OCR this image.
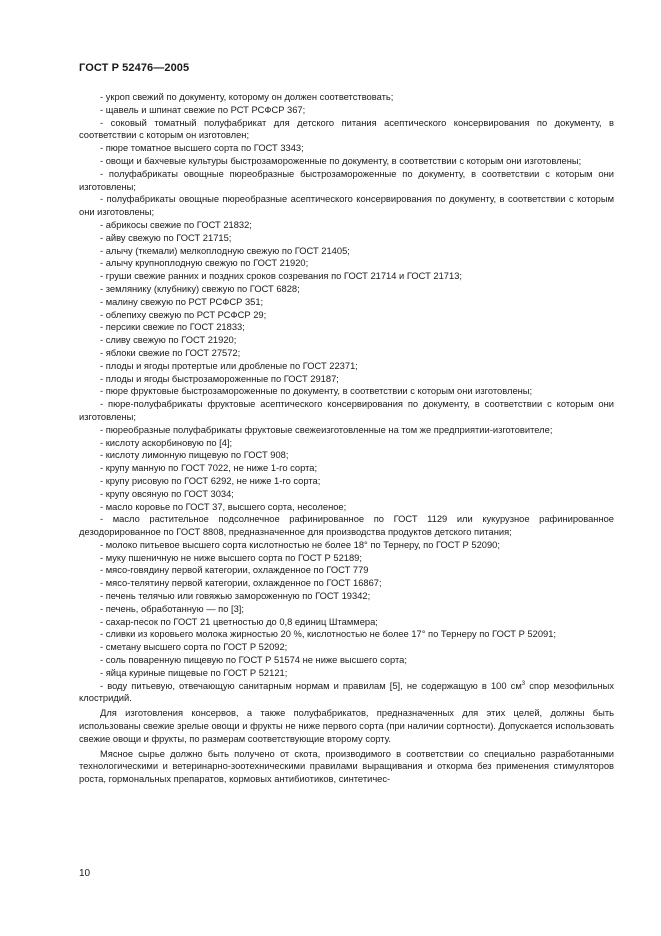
ГОСТ Р 52476—2005

- укроп свежий по документу, которому он должен соответствовать;

- щавель и шпинат свежие по РСТ РСФСР 367;

- соковый томатный полуфабрикат для детского питания асептического консервирования по документу, в соответствии с которым он изготовлен;

- пюре томатное высшего сорта по ГОСТ 3343;

- овощи и бахчевые культуры быстрозамороженные по документу, в соответствии с которым они изготовлены;

- полуфабрикаты овощные пюреобразные быстрозамороженные по документу, в соответствии с которым они изготовлены;

- полуфабрикаты овощные пюреобразные асептического консервирования по документу, в соответствии с которым они изготовлены;

- абрикосы свежие по ГОСТ 21832;

- айву свежую по ГОСТ 21715;

- алычу (ткемали) мелкоплодную свежую по ГОСТ 21405;

- алычу крупноплодную свежую по ГОСТ 21920;

- груши свежие ранних и поздних сроков созревания по ГОСТ 21714 и ГОСТ 21713;

- землянику (клубнику) свежую по ГОСТ 6828;

- малину свежую по РСТ РСФСР 351;

- облепиху свежую по РСТ РСФСР 29;

- персики свежие по ГОСТ 21833;

- сливу свежую по ГОСТ 21920;

- яблоки свежие по ГОСТ 27572;

- плоды и ягоды протертые или дробленые по ГОСТ 22371;

- плоды и ягоды быстрозамороженные по ГОСТ 29187;

- пюре фруктовые быстрозамороженные по документу, в соответствии с которым они изготовлены;

- пюре-полуфабрикаты фруктовые асептического консервирования по документу, в соответствии с которым они изготовлены;

- пюреобразные полуфабрикаты фруктовые свежеизготовленные на том же предприятии-изготовителе;

- кислоту аскорбиновую по [4];

- кислоту лимонную пищевую по ГОСТ 908;

- крупу манную по ГОСТ 7022, не ниже 1-го сорта;

- крупу рисовую по ГОСТ 6292, не ниже 1-го сорта;

- крупу овсяную по ГОСТ 3034;

- масло коровье по ГОСТ 37, высшего сорта, несоленое;

- масло растительное подсолнечное рафинированное по ГОСТ 1129 или кукурузное рафинированное дезодорированное по ГОСТ 8808, предназначенное для производства продуктов детского питания;

- молоко питьевое высшего сорта кислотностью не более 18° по Тернеру, по ГОСТ Р 52090;

- муку пшеничную не ниже высшего сорта по ГОСТ Р 52189;

- мясо-говядину первой категории, охлажденное по ГОСТ 779

- мясо-телятину первой категории, охлажденное по ГОСТ 16867;

- печень телячью или говяжью замороженную по ГОСТ 19342;

- печень, обработанную — по [3];

- сахар-песок по ГОСТ 21 цветностью до 0,8 единиц Штаммера;

- сливки из коровьего молока жирностью 20 %, кислотностью не более 17° по Тернеру по ГОСТ Р 52091;

- сметану высшего сорта по ГОСТ Р 52092;

- соль поваренную пищевую по ГОСТ Р 51574 не ниже высшего сорта;

- яйца куриные пищевые по ГОСТ Р 52121;

- воду питьевую, отвечающую санитарным нормам и правилам [5], не содержащую в 100 $см^3$ спор мезофильных клостридий.

Для изготовления консервов, а также полуфабрикатов, предназначенных для этих целей, должны быть использованы свежие зрелые овощи и фрукты не ниже первого сорта (при наличии сортности). Допускается использовать свежие овощи и фрукты, по размерам соответствующие второму сорту.

Мясное сырье должно быть получено от скота, производимого в соответствии со специально разработанными технологическими и ветеринарно-зоотехническими правилами выращивания и откорма без применения стимуляторов роста, гормональных препаратов, кормовых антибиотиков, синтетичес-

10
